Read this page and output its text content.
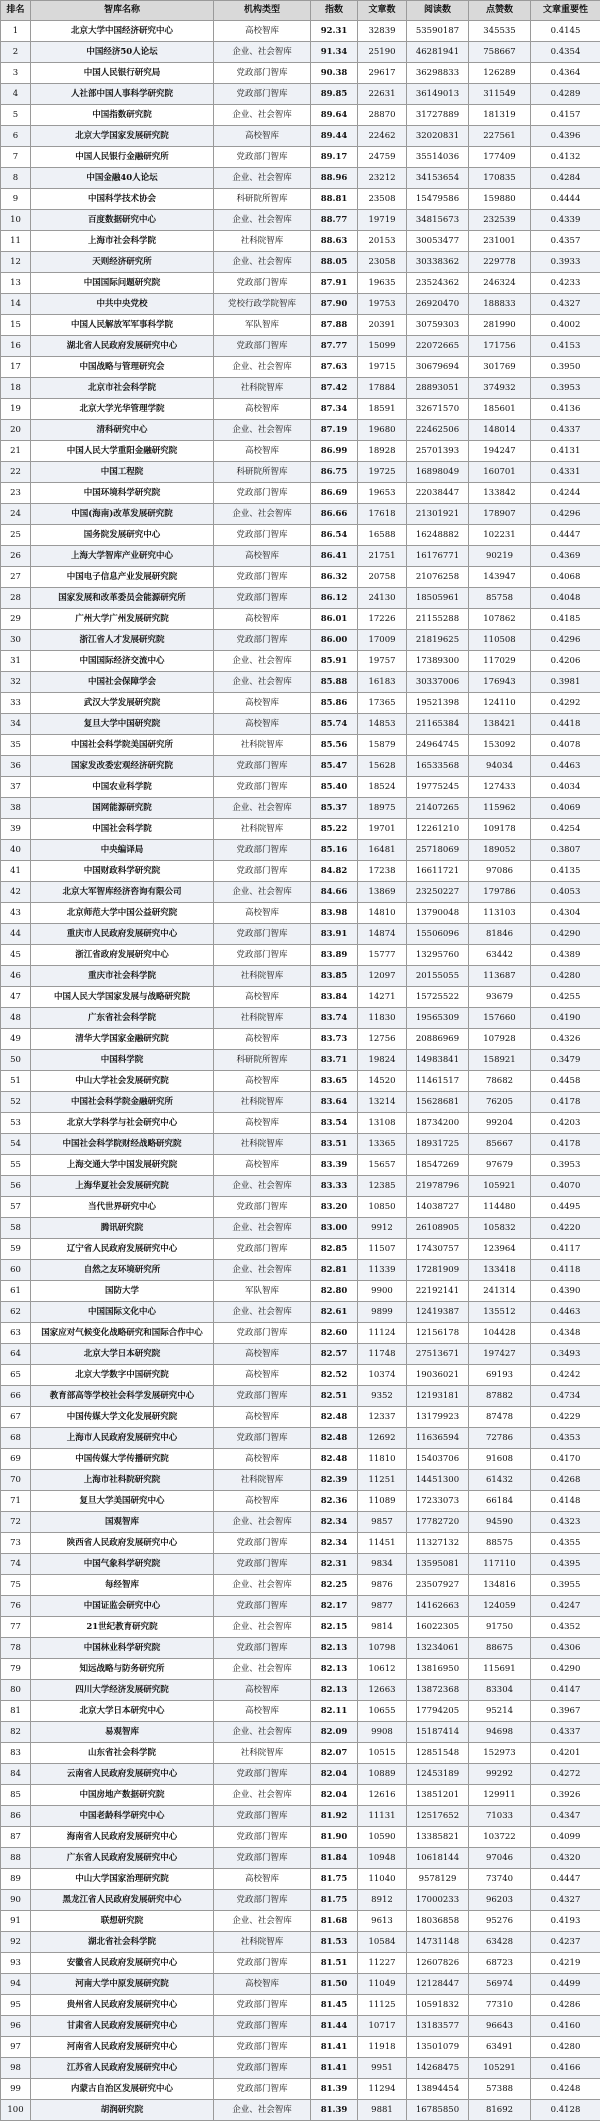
排名	智库名称	机构类型	指数	文章数	阅读数	点赞数	文章重要性
1	北京大学中国经济研究中心	高校智库	92.31	32839	53590187	345535	0.4145
2	中国经济50人论坛	企业、社会智库	91.34	25190	46281941	758667	0.4354
3	中国人民银行研究局	党政部门智库	90.38	29617	36298833	126289	0.4364
4	人社部中国人事科学研究院	党政部门智库	89.85	22631	36149013	311549	0.4289
5	中国指数研究院	企业、社会智库	89.64	28870	31727889	181319	0.4157
6	北京大学国家发展研究院	高校智库	89.44	22462	32020831	227561	0.4396
7	中国人民银行金融研究所	党政部门智库	89.17	24759	35514036	177409	0.4132
8	中国金融40人论坛	企业、社会智库	88.96	23212	34153654	170835	0.4284
9	中国科学技术协会	科研院所智库	88.81	23508	15479586	159880	0.4444
10	百度数据研究中心	企业、社会智库	88.77	19719	34815673	232539	0.4339
11	上海市社会科学院	社科院智库	88.63	20153	30053477	231001	0.4357
12	天则经济研究所	企业、社会智库	88.05	23058	30338362	229778	0.3933
13	中国国际问题研究院	党政部门智库	87.91	19635	23524362	246324	0.4233
14	中共中央党校	党校行政学院智库	87.90	19753	26920470	188833	0.4327
15	中国人民解放军军事科学院	军队智库	87.88	20391	30759303	281990	0.4002
16	湖北省人民政府发展研究中心	党政部门智库	87.77	15099	22072665	171756	0.4153
17	中国战略与管理研究会	企业、社会智库	87.63	19715	30679694	301769	0.3950
18	北京市社会科学院	社科院智库	87.42	17884	28893051	374932	0.3953
19	北京大学光华管理学院	高校智库	87.34	18591	32671570	185601	0.4136
20	清科研究中心	企业、社会智库	87.19	19680	22462506	148014	0.4337
21	中国人民大学重阳金融研究院	高校智库	86.99	18928	25701393	194247	0.4131
22	中国工程院	科研院所智库	86.75	19725	16898049	160701	0.4331
23	中国环境科学研究院	党政部门智库	86.69	19653	22038447	133842	0.4244
24	中国(海南)改革发展研究院	企业、社会智库	86.66	17618	21301921	178907	0.4296
25	国务院发展研究中心	党政部门智库	86.54	16588	16248882	102231	0.4447
26	上海大学智库产业研究中心	高校智库	86.41	21751	16176771	90219	0.4369
27	中国电子信息产业发展研究院	党政部门智库	86.32	20758	21076258	143947	0.4068
28	国家发展和改革委员会能源研究所	党政部门智库	86.12	24130	18505961	85758	0.4048
29	广州大学广州发展研究院	高校智库	86.01	17226	21155288	107862	0.4185
30	浙江省人才发展研究院	党政部门智库	86.00	17009	21819625	110508	0.4296
31	中国国际经济交流中心	企业、社会智库	85.91	19757	17389300	117029	0.4206
32	中国社会保障学会	企业、社会智库	85.88	16183	30337006	176943	0.3981
33	武汉大学发展研究院	高校智库	85.86	17365	19521398	124110	0.4292
34	复旦大学中国研究院	高校智库	85.74	14853	21165384	138421	0.4418
35	中国社会科学院美国研究所	社科院智库	85.56	15879	24964745	153092	0.4078
36	国家发改委宏观经济研究院	党政部门智库	85.47	15628	16533568	94034	0.4463
37	中国农业科学院	党政部门智库	85.40	18524	19775245	127433	0.4034
38	国网能源研究院	企业、社会智库	85.37	18975	21407265	115962	0.4069
39	中国社会科学院	社科院智库	85.22	19701	12261210	109178	0.4254
40	中央编译局	党政部门智库	85.16	16481	25718069	189052	0.3807
41	中国财政科学研究院	党政部门智库	84.82	17238	16611721	97086	0.4135
42	北京大军智库经济咨询有限公司	企业、社会智库	84.66	13869	23250227	179786	0.4053
43	北京师范大学中国公益研究院	高校智库	83.98	14810	13790048	113103	0.4304
44	重庆市人民政府发展研究中心	党政部门智库	83.91	14874	15506096	81846	0.4290
45	浙江省政府发展研究中心	党政部门智库	83.89	15777	13295760	63442	0.4389
46	重庆市社会科学院	社科院智库	83.85	12097	20155055	113687	0.4280
47	中国人民大学国家发展与战略研究院	高校智库	83.84	14271	15725522	93679	0.4255
48	广东省社会科学院	社科院智库	83.74	11830	19565309	157660	0.4190
49	清华大学国家金融研究院	高校智库	83.73	12756	20886969	107928	0.4326
50	中国科学院	科研院所智库	83.71	19824	14983841	158921	0.3479
51	中山大学社会发展研究院	高校智库	83.65	14520	11461517	78682	0.4458
52	中国社会科学院金融研究所	社科院智库	83.64	13214	15628681	76205	0.4178
53	北京大学科学与社会研究中心	高校智库	83.54	13108	18734200	99204	0.4203
54	中国社会科学院财经战略研究院	社科院智库	83.51	13365	18931725	85667	0.4178
55	上海交通大学中国发展研究院	高校智库	83.39	15657	18547269	97679	0.3953
56	上海华夏社会发展研究院	企业、社会智库	83.33	12385	21978796	105921	0.4070
57	当代世界研究中心	党政部门智库	83.20	10850	14038727	114480	0.4495
58	腾讯研究院	企业、社会智库	83.00	9912	26108905	105832	0.4220
59	辽宁省人民政府发展研究中心	党政部门智库	82.85	11507	17430757	123964	0.4117
60	自然之友环境研究所	企业、社会智库	82.81	11339	17281909	133418	0.4118
61	国防大学	军队智库	82.80	9900	22192141	241314	0.4390
62	中国国际文化中心	企业、社会智库	82.61	9899	12419387	135512	0.4463
63	国家应对气候变化战略研究和国际合作中心	党政部门智库	82.60	11124	12156178	104428	0.4348
64	北京大学日本研究院	高校智库	82.57	11748	27513671	197427	0.3493
65	北京大学数字中国研究院	高校智库	82.52	10374	19036021	69193	0.4242
66	教育部高等学校社会科学发展研究中心	党政部门智库	82.51	9352	12193181	87882	0.4734
67	中国传媒大学文化发展研究院	高校智库	82.48	12337	13179923	87478	0.4229
68	上海市人民政府发展研究中心	党政部门智库	82.48	12692	11636594	72786	0.4353
69	中国传媒大学传播研究院	高校智库	82.48	11810	15403706	91608	0.4170
70	上海市社科院研究院	社科院智库	82.39	11251	14451300	61432	0.4268
71	复旦大学美国研究中心	高校智库	82.36	11089	17233073	66184	0.4148
72	国观智库	企业、社会智库	82.34	9857	17782720	94590	0.4323
73	陕西省人民政府发展研究中心	党政部门智库	82.34	11451	11327132	88575	0.4355
74	中国气象科学研究院	党政部门智库	82.31	9834	13595081	117110	0.4395
75	每经智库	企业、社会智库	82.25	9876	23507927	134816	0.3955
76	中国证监会研究中心	党政部门智库	82.17	9877	14162663	124059	0.4247
77	21世纪教育研究院	企业、社会智库	82.15	9814	16022305	91750	0.4352
78	中国林业科学研究院	党政部门智库	82.13	10798	13234061	88675	0.4306
79	知远战略与防务研究所	企业、社会智库	82.13	10612	13816950	115691	0.4290
80	四川大学经济发展研究院	高校智库	82.13	12663	13872368	83304	0.4147
81	北京大学日本研究中心	高校智库	82.11	10655	17794205	95214	0.3967
82	易观智库	企业、社会智库	82.09	9908	15187414	94698	0.4337
83	山东省社会科学院	社科院智库	82.07	10515	12851548	152973	0.4201
84	云南省人民政府发展研究中心	党政部门智库	82.04	10889	12453189	99292	0.4272
85	中国房地产数据研究院	企业、社会智库	82.04	12616	13851201	129911	0.3926
86	中国老龄科学研究中心	党政部门智库	81.92	11131	12517652	71033	0.4347
87	海南省人民政府发展研究中心	党政部门智库	81.90	10590	13385821	103722	0.4099
88	广东省人民政府发展研究中心	党政部门智库	81.84	10948	10618144	97046	0.4320
89	中山大学国家治理研究院	高校智库	81.75	11040	9578129	73740	0.4447
90	黑龙江省人民政府发展研究中心	党政部门智库	81.75	8912	17000233	96203	0.4327
91	联想研究院	企业、社会智库	81.68	9613	18036858	95276	0.4193
92	湖北省社会科学院	社科院智库	81.53	10584	14731148	63428	0.4237
93	安徽省人民政府发展研究中心	党政部门智库	81.51	11227	12607826	68723	0.4219
94	河南大学中原发展研究院	高校智库	81.50	11049	12128447	56974	0.4499
95	贵州省人民政府发展研究中心	党政部门智库	81.45	11125	10591832	77310	0.4286
96	甘肃省人民政府发展研究中心	党政部门智库	81.44	10717	13183577	96643	0.4160
97	河南省人民政府发展研究中心	党政部门智库	81.41	11918	13501079	63491	0.4280
98	江苏省人民政府发展研究中心	党政部门智库	81.41	9951	14268475	105291	0.4166
99	内蒙古自治区发展研究中心	党政部门智库	81.39	11294	13894454	57388	0.4248
100	胡润研究院	企业、社会智库	81.39	9881	16785850	81692	0.4128
